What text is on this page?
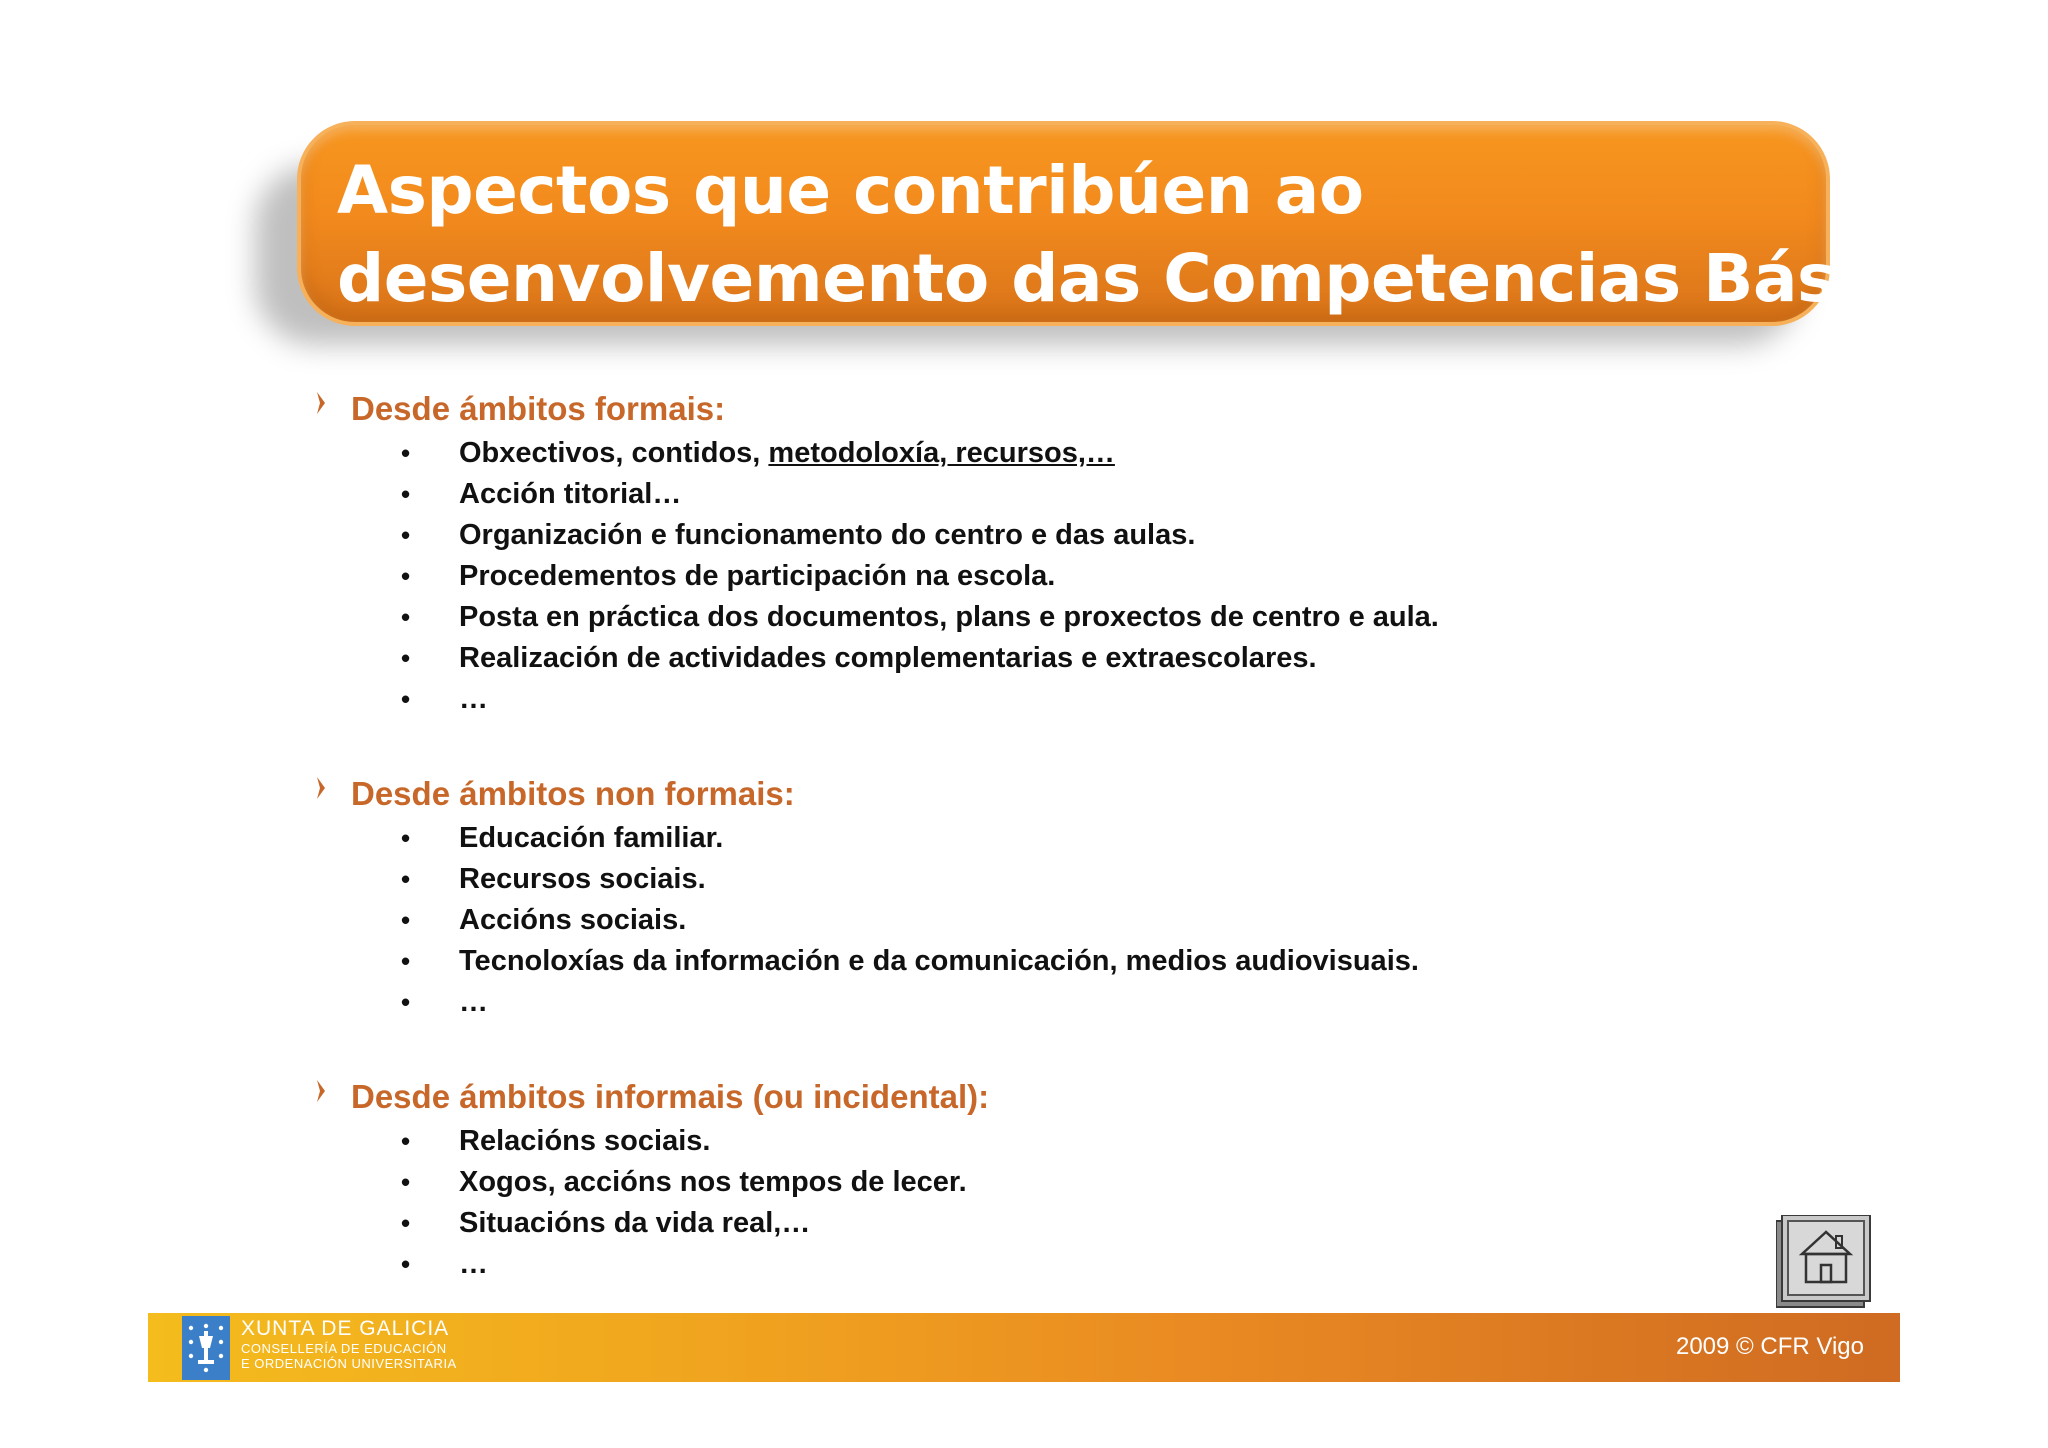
Aspectos que contribúen ao
desenvolvemento das Competencias Básicas
Desde ámbitos formais:
• Obxectivos, contidos, metodoloxía, recursos,…
• Acción titorial…
• Organización e funcionamento do centro e das aulas.
• Procedementos de participación na escola.
• Posta en práctica dos documentos, plans e proxectos de centro e aula.
• Realización de actividades complementarias e extraescolares.
• …
Desde ámbitos non formais:
• Educación familiar.
• Recursos sociais.
• Accións sociais.
• Tecnoloxías da información e da comunicación, medios audiovisuais.
• …
Desde ámbitos informais (ou incidental):
• Relacións sociais.
• Xogos, accións nos tempos de lecer.
• Situacións da vida real,…
• …
XUNTA DE GALICIA
CONSELLERÍA DE EDUCACIÓN
E ORDENACIÓN UNIVERSITARIA
2009 © CFR Vigo
